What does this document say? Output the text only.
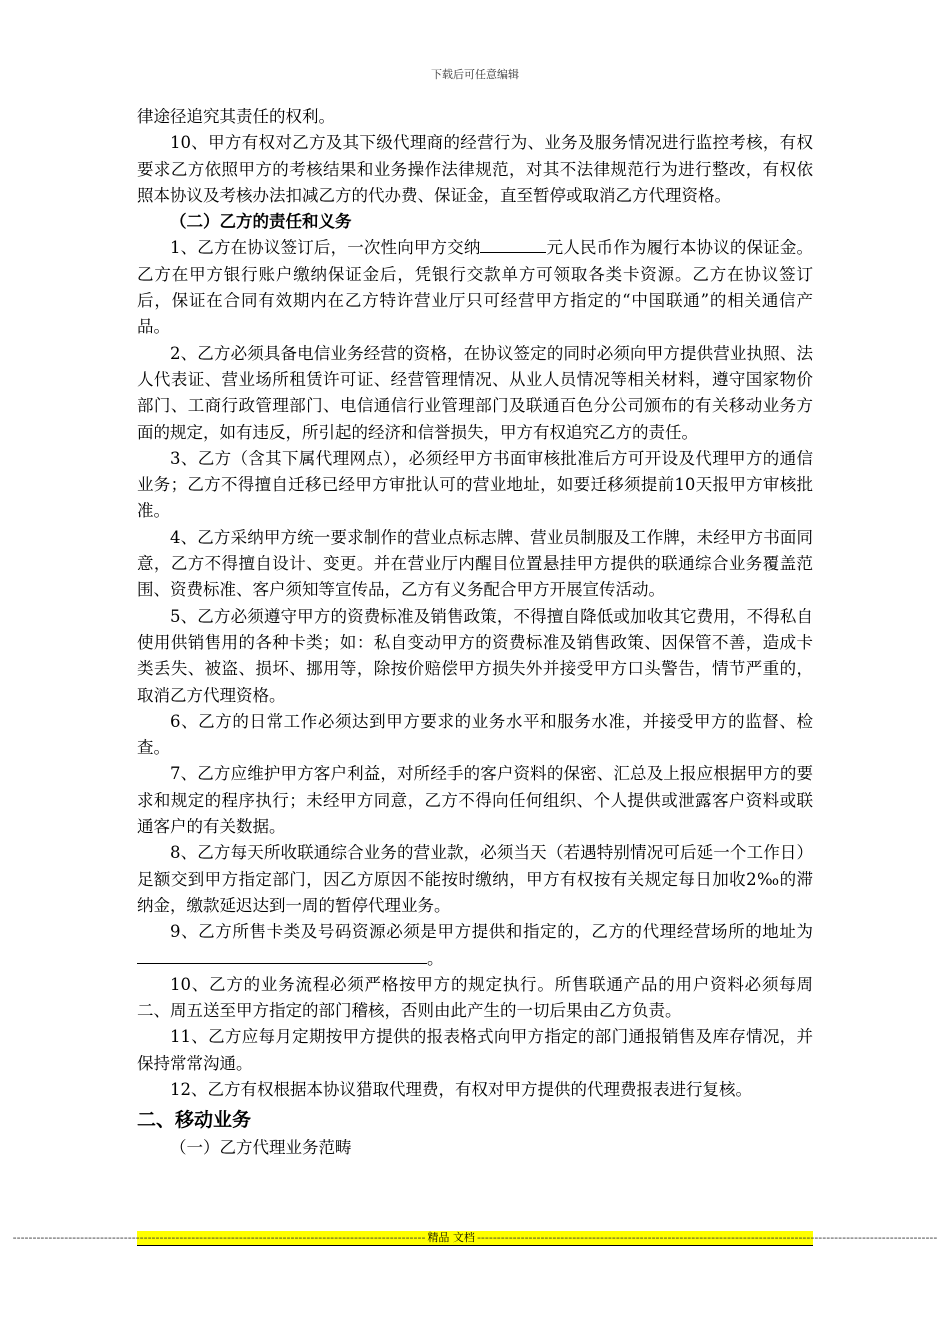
下载后可任意编辑

律途径追究其责任的权利。

10、甲方有权对乙方及其下级代理商的经营行为、业务及服务情况进行监控考核，有权要求乙方依照甲方的考核结果和业务操作法律规范，对其不法律规范行为进行整改，有权依照本协议及考核办法扣减乙方的代办费、保证金，直至暂停或取消乙方代理资格。

（二）乙方的责任和义务

1、乙方在协议签订后，一次性向甲方交纳	元人民币作为履行本协议的保证金。乙方在甲方银行账户缴纳保证金后，凭银行交款单方可领取各类卡资源。乙方在协议签订后，保证在合同有效期内在乙方特许营业厅只可经营甲方指定的“中国联通”的相关通信产品。

2、乙方必须具备电信业务经营的资格，在协议签定的同时必须向甲方提供营业执照、法人代表证、营业场所租赁许可证、经营管理情况、从业人员情况等相关材料，遵守国家物价部门、工商行政管理部门、电信通信行业管理部门及联通百色分公司颁布的有关移动业务方面的规定，如有违反，所引起的经济和信誉损失，甲方有权追究乙方的责任。

3、乙方（含其下属代理网点），必须经甲方书面审核批准后方可开设及代理甲方的通信业务；乙方不得擅自迁移已经甲方审批认可的营业地址，如要迁移须提前10天报甲方审核批准。

4、乙方采纳甲方统一要求制作的营业点标志牌、营业员制服及工作牌，未经甲方书面同意，乙方不得擅自设计、变更。并在营业厅内醒目位置悬挂甲方提供的联通综合业务覆盖范围、资费标准、客户须知等宣传品，乙方有义务配合甲方开展宣传活动。

5、乙方必须遵守甲方的资费标准及销售政策，不得擅自降低或加收其它费用，不得私自使用供销售用的各种卡类；如：私自变动甲方的资费标准及销售政策、因保管不善，造成卡类丢失、被盗、损坏、挪用等，除按价赔偿甲方损失外并接受甲方口头警告，情节严重的，取消乙方代理资格。

6、乙方的日常工作必须达到甲方要求的业务水平和服务水准，并接受甲方的监督、检查。

7、乙方应维护甲方客户利益，对所经手的客户资料的保密、汇总及上报应根据甲方的要求和规定的程序执行；未经甲方同意，乙方不得向任何组织、个人提供或泄露客户资料或联通客户的有关数据。

8、乙方每天所收联通综合业务的营业款，必须当天（若遇特别情况可后延一个工作日）足额交到甲方指定部门，因乙方原因不能按时缴纳，甲方有权按有关规定每日加收2‰的滞纳金，缴款延迟达到一周的暂停代理业务。

9、乙方所售卡类及号码资源必须是甲方提供和指定的，乙方的代理经营场所的地址为。

10、乙方的业务流程必须严格按甲方的规定执行。所售联通产品的用户资料必须每周二、周五送至甲方指定的部门稽核，否则由此产生的一切后果由乙方负责。

11、乙方应每月定期按甲方提供的报表格式向甲方指定的部门通报销售及库存情况，并保持常常沟通。

12、乙方有权根据本协议猎取代理费，有权对甲方提供的代理费报表进行复核。

二、移动业务

（一）乙方代理业务范畴

-------------------------------------------------------------------------------------------------------- 精品 文档 --------------------------------------------------------------------------------------------------------------------
